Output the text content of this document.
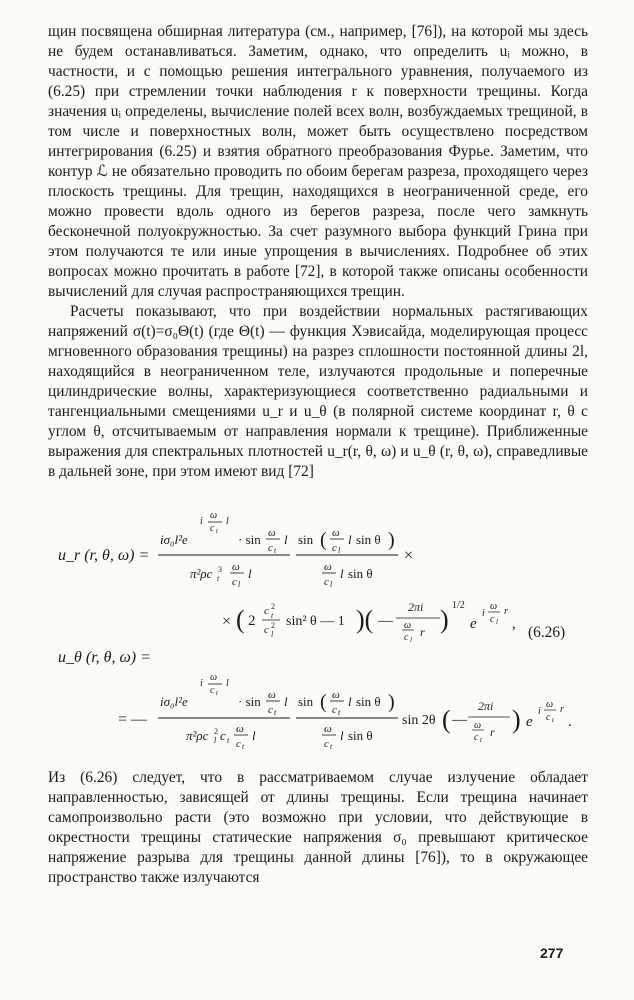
щин посвящена обширная литература (см., например, [76]), на которой мы здесь не будем останавливаться. Заметим, однако, что определить uᵢ можно, в частности, и с помощью решения интегрального уравнения, получаемого из (6.25) при стремлении точки наблюдения r к поверхности трещины. Когда значения uᵢ определены, вычисление полей всех волн, возбуждаемых трещиной, в том числе и поверхностных волн, может быть осуществлено посредством интегрирования (6.25) и взятия обратного преобразования Фурье. Заметим, что контур ℒ не обязательно проводить по обоим берегам разреза, проходящего через плоскость трещины. Для трещин, находящихся в неограниченной среде, его можно провести вдоль одного из берегов разреза, после чего замкнуть бесконечной полуокружностью. За счет разумного выбора функций Грина при этом получаются те или иные упрощения в вычислениях. Подробнее об этих вопросах можно прочитать в работе [72], в которой также описаны особенности вычислений для случая распространяющихся трещин.

Расчеты показывают, что при воздействии нормальных растягивающих напряжений σ(t)=σ₀Θ(t) (где Θ(t) — функция Хэвисайда, моделирующая процесс мгновенного образования трещины) на разрез сплошности постоянной длины 2l, находящийся в неограниченном теле, излучаются продольные и поперечные цилиндрические волны, характеризующиеся соответственно радиальными и тангенциальными смещениями u_r и u_θ (в полярной системе координат r, θ с углом θ, отсчитываемым от направления нормали к трещине). Приближенные выражения для спектральных плотностей u_r(r, θ, ω) и u_θ (r, θ, ω), справедливые в дальней зоне, при этом имеют вид [72]

u_r (r, θ, ω) =
iσ₀l²e
i
ω
c t
l
· sin ω
c t
l
π²ρc 3
t
ω
c l
l
sin ( ω
c l
l sin θ )
ω
c l
l sin θ
×
× ( 2
c 2
t
c 2
l
sin² θ — 1 )( —
2πi
ω
c l
r ) 1/2
e
i
ω
c l
r
, (6.26)
u_θ (r, θ, ω) =
= —
iσ₀l²e
i
ω
c t
l
· sin ω
c t
l
π²ρc 2
l c t
ω
c t
l
sin ( ω
c t
l sin θ )
ω
c t
l sin θ
sin 2θ ( —
2πi
ω
c t
r ) e
i
ω
c t
r
.

Из (6.26) следует, что в рассматриваемом случае излучение обладает направленностью, зависящей от длины трещины. Если трещина начинает самопроизвольно расти (это возможно при условии, что действующие в окрестности трещины статические напряжения σ₀ превышают критическое напряжение разрыва для трещины данной длины [76]), то в окружающее пространство также излучаются

277
